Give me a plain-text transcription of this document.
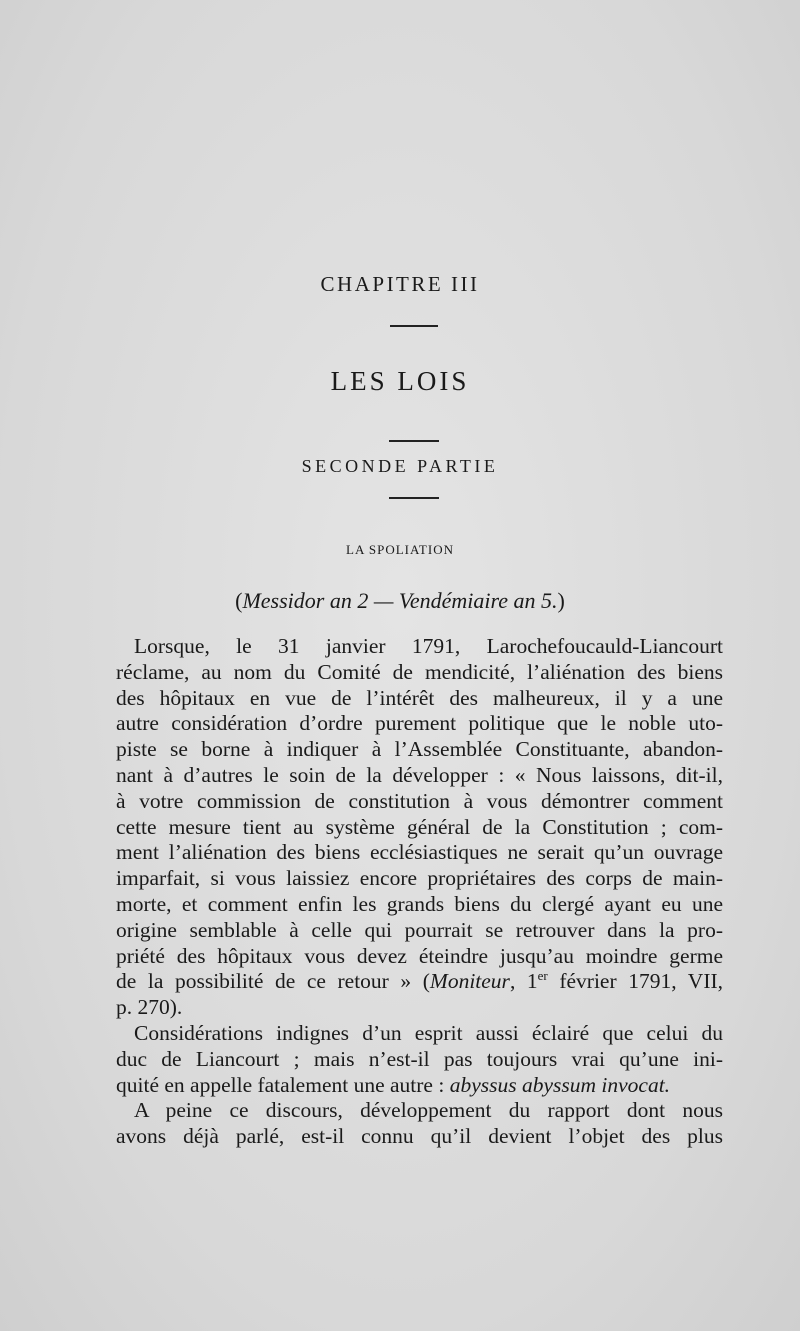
CHAPITRE III
LES LOIS
SECONDE PARTIE
LA SPOLIATION
(Messidor an 2 — Vendémiaire an 5.)
Lorsque, le 31 janvier 1791, Larochefoucauld-Liancourt
réclame, au nom du Comité de mendicité, l’aliénation des biens
des hôpitaux en vue de l’intérêt des malheureux, il y a une
autre considération d’ordre purement politique que le noble uto-
piste se borne à indiquer à l’Assemblée Constituante, abandon-
nant à d’autres le soin de la développer : « Nous laissons, dit-il,
à votre commission de constitution à vous démontrer comment
cette mesure tient au système général de la Constitution ; com-
ment l’aliénation des biens ecclésiastiques ne serait qu’un ouvrage
imparfait, si vous laissiez encore propriétaires des corps de main-
morte, et comment enfin les grands biens du clergé ayant eu une
origine semblable à celle qui pourrait se retrouver dans la pro-
priété des hôpitaux vous devez éteindre jusqu’au moindre germe
de la possibilité de ce retour » (Moniteur, 1er février 1791, VII,
p. 270).
Considérations indignes d’un esprit aussi éclairé que celui du
duc de Liancourt ; mais n’est-il pas toujours vrai qu’une ini-
quité en appelle fatalement une autre : abyssus abyssum invocat.
A peine ce discours, développement du rapport dont nous
avons déjà parlé, est-il connu qu’il devient l’objet des plus
